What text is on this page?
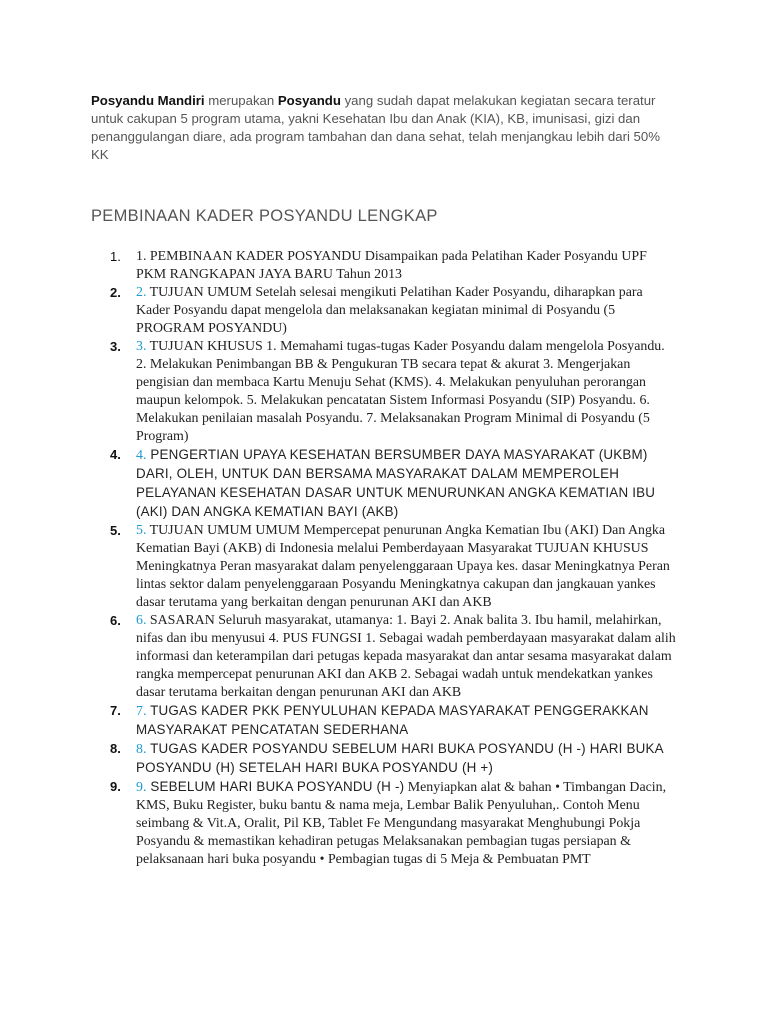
Posyandu Mandiri merupakan Posyandu yang sudah dapat melakukan kegiatan secara teratur untuk cakupan 5 program utama, yakni Kesehatan Ibu dan Anak (KIA), KB, imunisasi, gizi dan penanggulangan diare, ada program tambahan dan dana sehat, telah menjangkau lebih dari 50% KK

PEMBINAAN KADER POSYANDU LENGKAP
1. 1. PEMBINAAN KADER POSYANDU Disampaikan pada Pelatihan Kader Posyandu UPF PKM RANGKAPAN JAYA BARU Tahun 2013
2. 2. TUJUAN UMUM Setelah selesai mengikuti Pelatihan Kader Posyandu, diharapkan para Kader Posyandu dapat mengelola dan melaksanakan kegiatan minimal di Posyandu (5 PROGRAM POSYANDU)
3. 3. TUJUAN KHUSUS 1. Memahami tugas-tugas Kader Posyandu dalam mengelola Posyandu. 2. Melakukan Penimbangan BB & Pengukuran TB secara tepat & akurat 3. Mengerjakan pengisian dan membaca Kartu Menuju Sehat (KMS). 4. Melakukan penyuluhan perorangan maupun kelompok. 5. Melakukan pencatatan Sistem Informasi Posyandu (SIP) Posyandu. 6. Melakukan penilaian masalah Posyandu. 7. Melaksanakan Program Minimal di Posyandu (5 Program)
4. 4. PENGERTIAN UPAYA KESEHATAN BERSUMBER DAYA MASYARAKAT (UKBM) DARI, OLEH, UNTUK DAN BERSAMA MASYARAKAT DALAM MEMPEROLEH PELAYANAN KESEHATAN DASAR UNTUK MENURUNKAN ANGKA KEMATIAN IBU (AKI) DAN ANGKA KEMATIAN BAYI (AKB)
5. 5. TUJUAN UMUM UMUM Mempercepat penurunan Angka Kematian Ibu (AKI) Dan Angka Kematian Bayi (AKB) di Indonesia melalui Pemberdayaan Masyarakat TUJUAN KHUSUS Meningkatnya Peran masyarakat dalam penyelenggaraan Upaya kes. dasar Meningkatnya Peran lintas sektor dalam penyelenggaraan Posyandu Meningkatnya cakupan dan jangkauan yankes dasar terutama yang berkaitan dengan penurunan AKI dan AKB
6. 6. SASARAN Seluruh masyarakat, utamanya: 1. Bayi 2. Anak balita 3. Ibu hamil, melahirkan, nifas dan ibu menyusui 4. PUS FUNGSI 1. Sebagai wadah pemberdayaan masyarakat dalam alih informasi dan keterampilan dari petugas kepada masyarakat dan antar sesama masyarakat dalam rangka mempercepat penurunan AKI dan AKB 2. Sebagai wadah untuk mendekatkan yankes dasar terutama berkaitan dengan penurunan AKI dan AKB
7. 7. TUGAS KADER PKK PENYULUHAN KEPADA MASYARAKAT PENGGERAKKAN MASYARAKAT PENCATATAN SEDERHANA
8. 8. TUGAS KADER POSYANDU SEBELUM HARI BUKA POSYANDU (H -) HARI BUKA POSYANDU (H) SETELAH HARI BUKA POSYANDU (H +)
9. 9. SEBELUM HARI BUKA POSYANDU (H -) Menyiapkan alat & bahan • Timbangan Dacin, KMS, Buku Register, buku bantu & nama meja, Lembar Balik Penyuluhan,. Contoh Menu seimbang & Vit.A, Oralit, Pil KB, Tablet Fe Mengundang masyarakat Menghubungi Pokja Posyandu & memastikan kehadiran petugas Melaksanakan pembagian tugas persiapan & pelaksanaan hari buka posyandu • Pembagian tugas di 5 Meja & Pembuatan PMT
